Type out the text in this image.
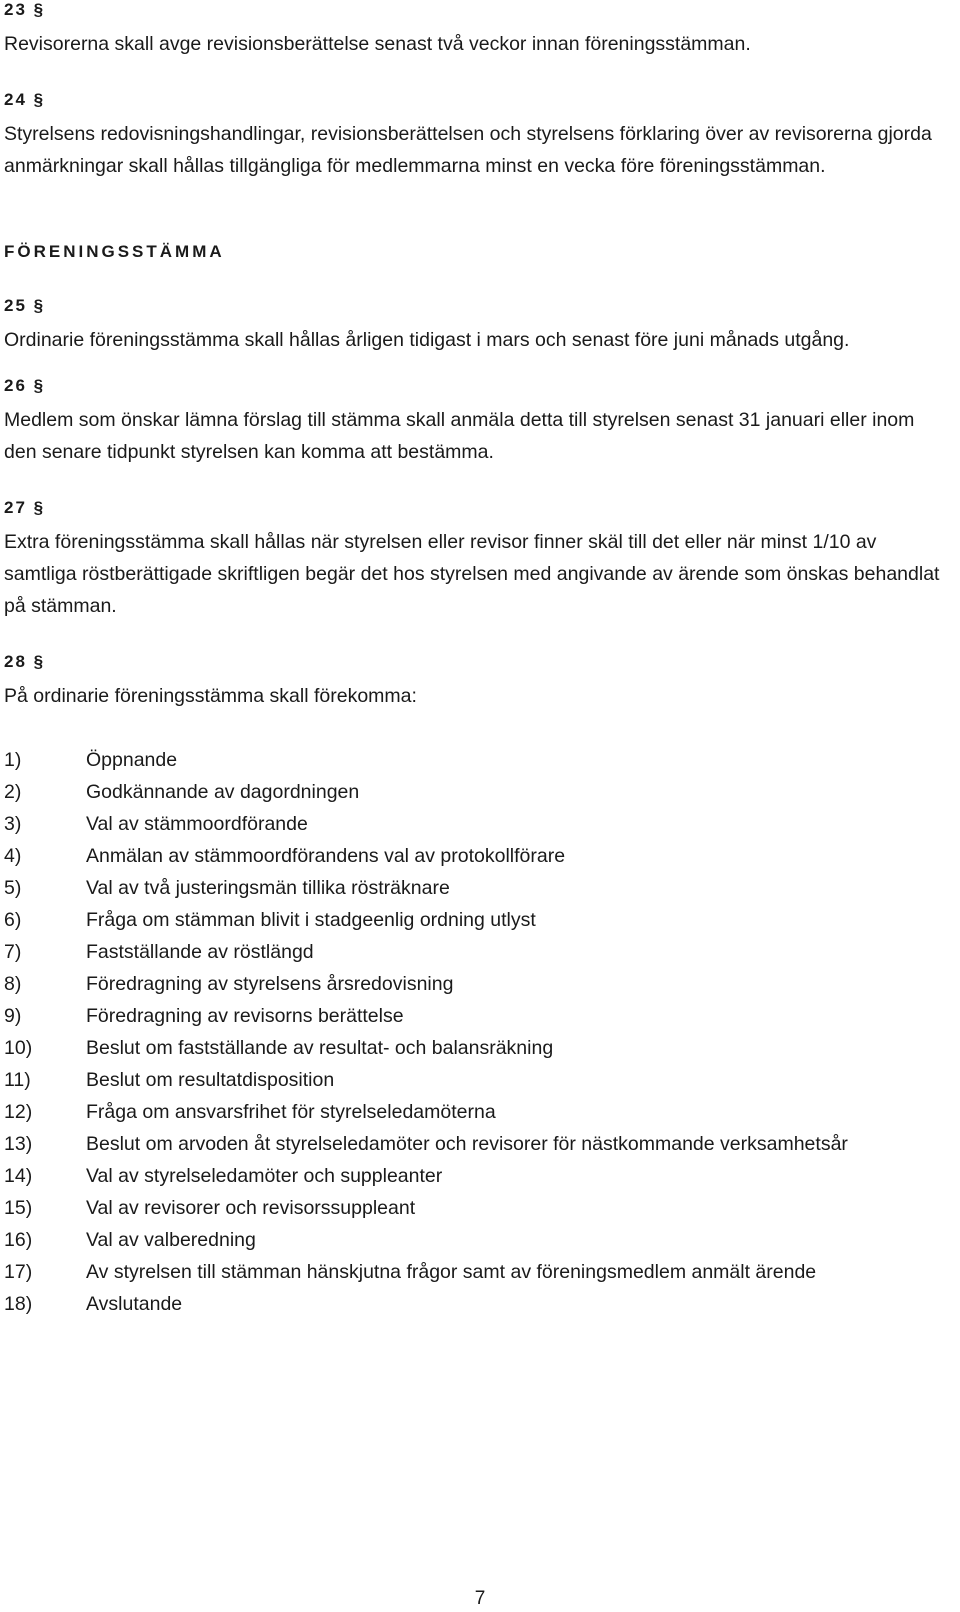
23 §

Revisorerna skall avge revisionsberättelse senast två veckor innan föreningsstämman.

24 §

Styrelsens redovisningshandlingar, revisionsberättelsen och styrelsens förklaring över av revisorerna gjorda anmärkningar skall hållas tillgängliga för medlemmarna minst en vecka före föreningsstämman.

FÖRENINGSSTÄMMA

25 §

Ordinarie föreningsstämma skall hållas årligen tidigast i mars och senast före juni månads utgång.

26 §

Medlem som önskar lämna förslag till stämma skall anmäla detta till styrelsen senast 31 januari eller inom den senare tidpunkt styrelsen kan komma att bestämma.

27 §

Extra föreningsstämma skall hållas när styrelsen eller revisor finner skäl till det eller när minst 1/10 av samtliga röstberättigade skriftligen begär det hos styrelsen med angivande av ärende som önskas behandlat på stämman.

28 §

På ordinarie föreningsstämma skall förekomma:

1)	Öppnande
2)	Godkännande av dagordningen
3)	Val av stämmoordförande
4)	Anmälan av stämmoordförandens val av protokollförare
5)	Val av två justeringsmän tillika rösträknare
6)	Fråga om stämman blivit i stadgeenlig ordning utlyst
7)	Fastställande av röstlängd
8)	Föredragning av styrelsens årsredovisning
9)	Föredragning av revisorns berättelse
10)	Beslut om fastställande av resultat- och balansräkning
11)	Beslut om resultatdisposition
12)	Fråga om ansvarsfrihet för styrelseledamöterna
13)	Beslut om arvoden åt styrelseledamöter och revisorer för nästkommande verksamhetsår
14)	Val av styrelseledamöter och suppleanter
15)	Val av revisorer och revisorssuppleant
16)	Val av valberedning
17)	Av styrelsen till stämman hänskjutna frågor samt av föreningsmedlem anmält ärende
18)	Avslutande
7
